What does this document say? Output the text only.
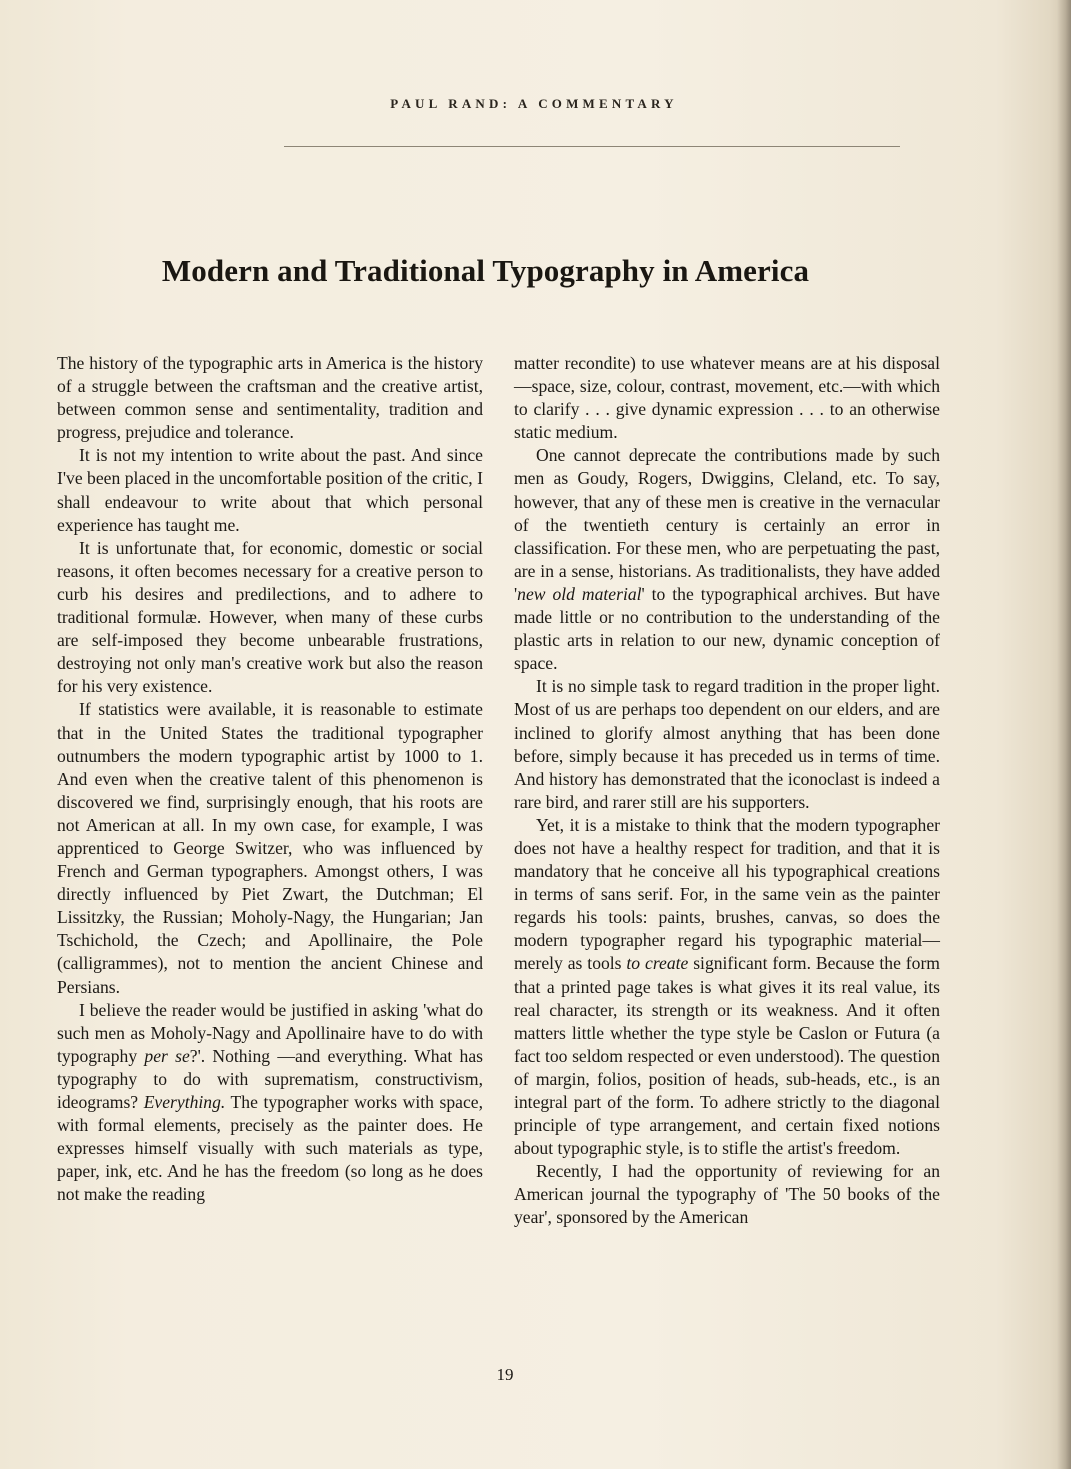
PAUL RAND: A COMMENTARY
Modern and Traditional Typography in America

The history of the typographic arts in America is the history of a struggle between the craftsman and the creative artist, between common sense and sentimentality, tradition and progress, prejudice and tolerance.

It is not my intention to write about the past. And since I've been placed in the uncomfortable position of the critic, I shall endeavour to write about that which personal experience has taught me.

It is unfortunate that, for economic, domestic or social reasons, it often becomes necessary for a creative person to curb his desires and predilections, and to adhere to traditional formulæ. However, when many of these curbs are self-imposed they become unbearable frustrations, destroying not only man's creative work but also the reason for his very existence.

If statistics were available, it is reasonable to estimate that in the United States the traditional typographer outnumbers the modern typographic artist by 1000 to 1. And even when the creative talent of this phenomenon is discovered we find, surprisingly enough, that his roots are not American at all. In my own case, for example, I was apprenticed to George Switzer, who was influenced by French and German typographers. Amongst others, I was directly influenced by Piet Zwart, the Dutchman; El Lissitzky, the Russian; Moholy-Nagy, the Hungarian; Jan Tschichold, the Czech; and Apollinaire, the Pole (calligrammes), not to mention the ancient Chinese and Persians.

I believe the reader would be justified in asking 'what do such men as Moholy-Nagy and Apollinaire have to do with typography per se?'. Nothing —and everything. What has typography to do with suprematism, constructivism, ideograms? Everything. The typographer works with space, with formal elements, precisely as the painter does. He expresses himself visually with such materials as type, paper, ink, etc. And he has the freedom (so long as he does not make the reading

matter recondite) to use whatever means are at his disposal—space, size, colour, contrast, movement, etc.—with which to clarify . . . give dynamic expression . . . to an otherwise static medium.

One cannot deprecate the contributions made by such men as Goudy, Rogers, Dwiggins, Cleland, etc. To say, however, that any of these men is creative in the vernacular of the twentieth century is certainly an error in classification. For these men, who are perpetuating the past, are in a sense, historians. As traditionalists, they have added 'new old material' to the typographical archives. But have made little or no contribution to the understanding of the plastic arts in relation to our new, dynamic conception of space.

It is no simple task to regard tradition in the proper light. Most of us are perhaps too dependent on our elders, and are inclined to glorify almost anything that has been done before, simply because it has preceded us in terms of time. And history has demonstrated that the iconoclast is indeed a rare bird, and rarer still are his supporters.

Yet, it is a mistake to think that the modern typographer does not have a healthy respect for tradition, and that it is mandatory that he conceive all his typographical creations in terms of sans serif. For, in the same vein as the painter regards his tools: paints, brushes, canvas, so does the modern typographer regard his typographic material—merely as tools to create significant form. Because the form that a printed page takes is what gives it its real value, its real character, its strength or its weakness. And it often matters little whether the type style be Caslon or Futura (a fact too seldom respected or even understood). The question of margin, folios, position of heads, sub-heads, etc., is an integral part of the form. To adhere strictly to the diagonal principle of type arrangement, and certain fixed notions about typographic style, is to stifle the artist's freedom.

Recently, I had the opportunity of reviewing for an American journal the typography of 'The 50 books of the year', sponsored by the American

19
